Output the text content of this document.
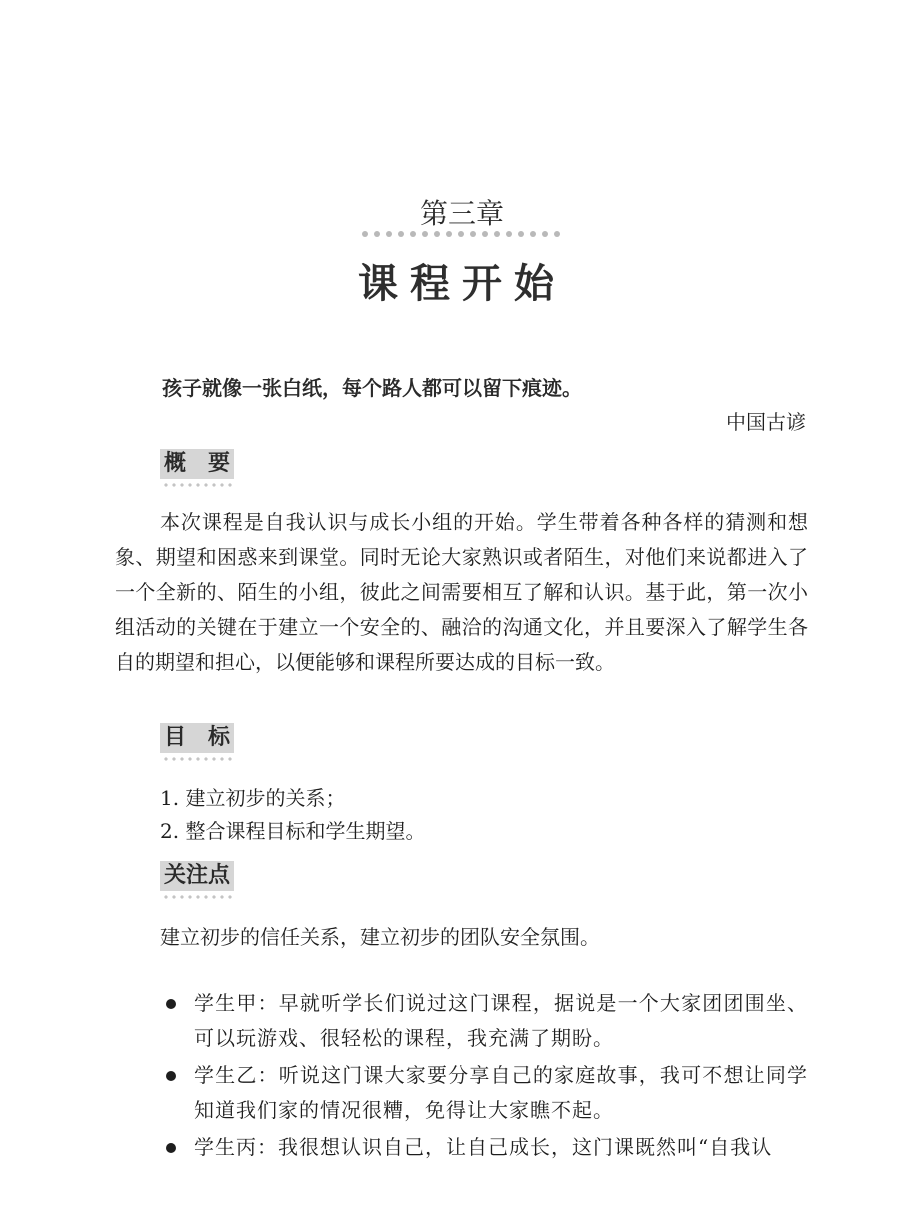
第三章
课程开始
孩子就像一张白纸，每个路人都可以留下痕迹。
中国古谚
概　要
本次课程是自我认识与成长小组的开始。学生带着各种各样的猜测和想象、期望和困惑来到课堂。同时无论大家熟识或者陌生，对他们来说都进入了一个全新的、陌生的小组，彼此之间需要相互了解和认识。基于此，第一次小组活动的关键在于建立一个安全的、融洽的沟通文化，并且要深入了解学生各自的期望和担心，以便能够和课程所要达成的目标一致。
目　标
1. 建立初步的关系；
2. 整合课程目标和学生期望。
关注点
建立初步的信任关系，建立初步的团队安全氛围。
学生甲：早就听学长们说过这门课程，据说是一个大家团团围坐、可以玩游戏、很轻松的课程，我充满了期盼。
学生乙：听说这门课大家要分享自己的家庭故事，我可不想让同学知道我们家的情况很糟，免得让大家瞧不起。
学生丙：我很想认识自己，让自己成长，这门课既然叫“自我认
